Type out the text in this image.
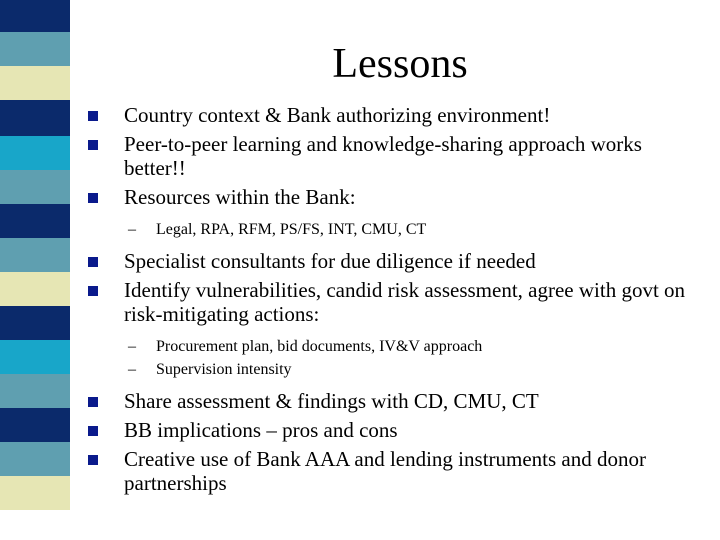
Lessons
Country context & Bank authorizing environment!
Peer-to-peer learning and knowledge-sharing approach works better!!
Resources within the Bank:
– Legal, RPA, RFM, PS/FS, INT, CMU, CT
Specialist consultants for due diligence if needed
Identify vulnerabilities, candid risk assessment, agree with govt on risk-mitigating actions:
– Procurement plan, bid documents, IV&V approach
– Supervision intensity
Share assessment & findings with CD, CMU, CT
BB implications – pros and cons
Creative use of Bank AAA and lending instruments and donor partnerships
